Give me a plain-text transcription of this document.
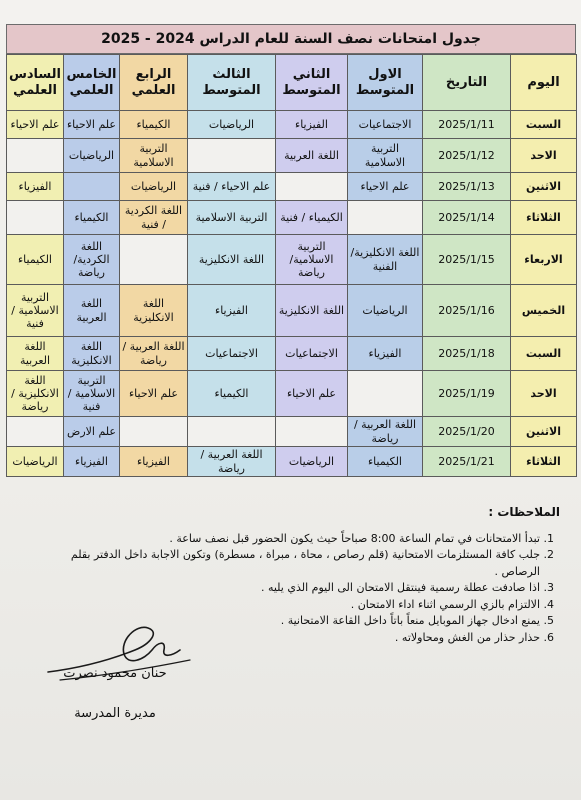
جدول امتحانات نصف السنة للعام الدراس 2024 - 2025
اليوم	التاريخ	الاول المتوسط	الثاني المتوسط	الثالث المتوسط	الرابع العلمي	الخامس العلمي	السادس العلمي
السبت	2025/1/11	الاجتماعيات	الفيزياء	الرياضيات	الكيمياء	علم الاحياء	علم الاحياء
الاحد	2025/1/12	التربية الاسلامية	اللغة العربية		التربية الاسلامية	الرياضيات	
الاثنين	2025/1/13	علم الاحياء		علم الاحياء / فنية	الرياضيات		الفيزياء
الثلاثاء	2025/1/14		الكيمياء / فنية	التربية الاسلامية	اللغة الكردية / فنية	الكيمياء	
الاربعاء	2025/1/15	اللغة الانكليزية/ الفنية	التربية الاسلامية/ رياضة	اللغة الانكليزية		اللغة الكردية/ رياضة	الكيمياء
الخميس	2025/1/16	الرياضيات	اللغة الانكليزية	الفيزياء	اللغة الانكليزية	اللغة العربية	التربية الاسلامية / فنية
السبت	2025/1/18	الفيزياء	الاجتماعيات	الاجتماعيات	اللغة العربية / رياضة	اللغة الانكليزية	اللغة العربية
الاحد	2025/1/19		علم الاحياء	الكيمياء	علم الاحياء	التربية الاسلامية / فنية	اللغة الانكليزية / رياضة
الاثنين	2025/1/20	اللغة العربية / رياضة				علم الارض	
الثلاثاء	2025/1/21	الكيمياء	الرياضيات	اللغة العربية / رياضة	الفيزياء	الفيزياء	الرياضيات
الملاحظات :
1. تبدأ الامتحانات في تمام الساعة 8:00 صباحاً حيث يكون الحضور قبل نصف ساعة .
2. جلب كافة المستلزمات الامتحانية (قلم رصاص ، محاة ، مبراة ، مسطرة) وتكون الاجابة داخل الدفتر بقلم الرصاص .
3. اذا صادفت عطلة رسمية فينتقل الامتحان الى اليوم الذي يليه .
4. الالتزام بالزي الرسمي اثناء اداء الامتحان .
5. يمنع ادخال جهاز الموبايل منعاً باتاً داخل القاعة الامتحانية .
6. حذار حذار من الغش ومحاولاته .
حنان محمود نصرت
مديرة المدرسة
